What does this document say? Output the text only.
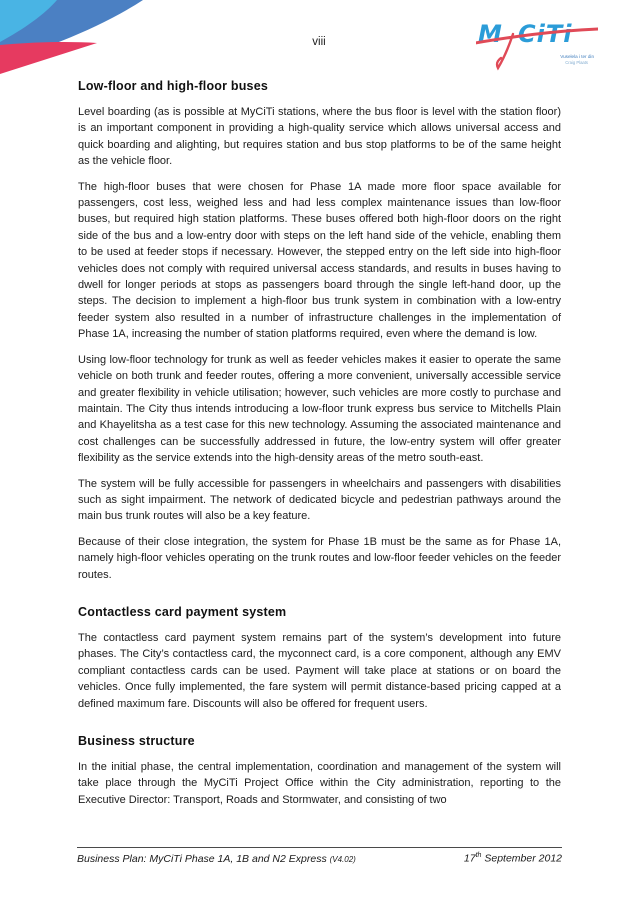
viii	M CiTi
Vuselela i ter din
Craig Plaats
Low-floor and high-floor buses

Level boarding (as is possible at MyCiTi stations, where the bus floor is level with the station floor) is an important component in providing a high-quality service which allows universal access and quick boarding and alighting, but requires station and bus stop platforms to be of the same height as the vehicle floor.

The high-floor buses that were chosen for Phase 1A made more floor space available for passengers, cost less, weighed less and had less complex maintenance issues than low-floor buses, but required high station platforms. These buses offered both high-floor doors on the right side of the bus and a low-entry door with steps on the left hand side of the vehicle, enabling them to be used at feeder stops if necessary. However, the stepped entry on the left side into high-floor vehicles does not comply with required universal access standards, and results in buses having to dwell for longer periods at stops as passengers board through the single left-hand door, up the steps. The decision to implement a high-floor bus trunk system in combination with a low-entry feeder system also resulted in a number of infrastructure challenges in the implementation of Phase 1A, increasing the number of station platforms required, even where the demand is low.

Using low-floor technology for trunk as well as feeder vehicles makes it easier to operate the same vehicle on both trunk and feeder routes, offering a more convenient, universally accessible service and greater flexibility in vehicle utilisation; however, such vehicles are more costly to purchase and maintain. The City thus intends introducing a low-floor trunk express bus service to Mitchells Plain and Khayelitsha as a test case for this new technology. Assuming the associated maintenance and cost challenges can be successfully addressed in future, the low-entry system will offer greater flexibility as the service extends into the high-density areas of the metro south-east.

The system will be fully accessible for passengers in wheelchairs and passengers with disabilities such as sight impairment. The network of dedicated bicycle and pedestrian pathways around the main bus trunk routes will also be a key feature.

Because of their close integration, the system for Phase 1B must be the same as for Phase 1A, namely high-floor vehicles operating on the trunk routes and low-floor feeder vehicles on the feeder routes.

Contactless card payment system

The contactless card payment system remains part of the system’s development into future phases. The City’s contactless card, the myconnect card, is a core component, although any EMV compliant contactless cards can be used. Payment will take place at stations or on board the vehicles. Once fully implemented, the fare system will permit distance-based pricing capped at a defined maximum fare. Discounts will also be offered for frequent users.

Business structure

In the initial phase, the central implementation, coordination and management of the system will take place through the MyCiTi Project Office within the City administration, reporting to the Executive Director: Transport, Roads and Stormwater, and consisting of two

Business Plan: MyCiTi Phase 1A, 1B and N2 Express (V4.02)	17th September 2012
